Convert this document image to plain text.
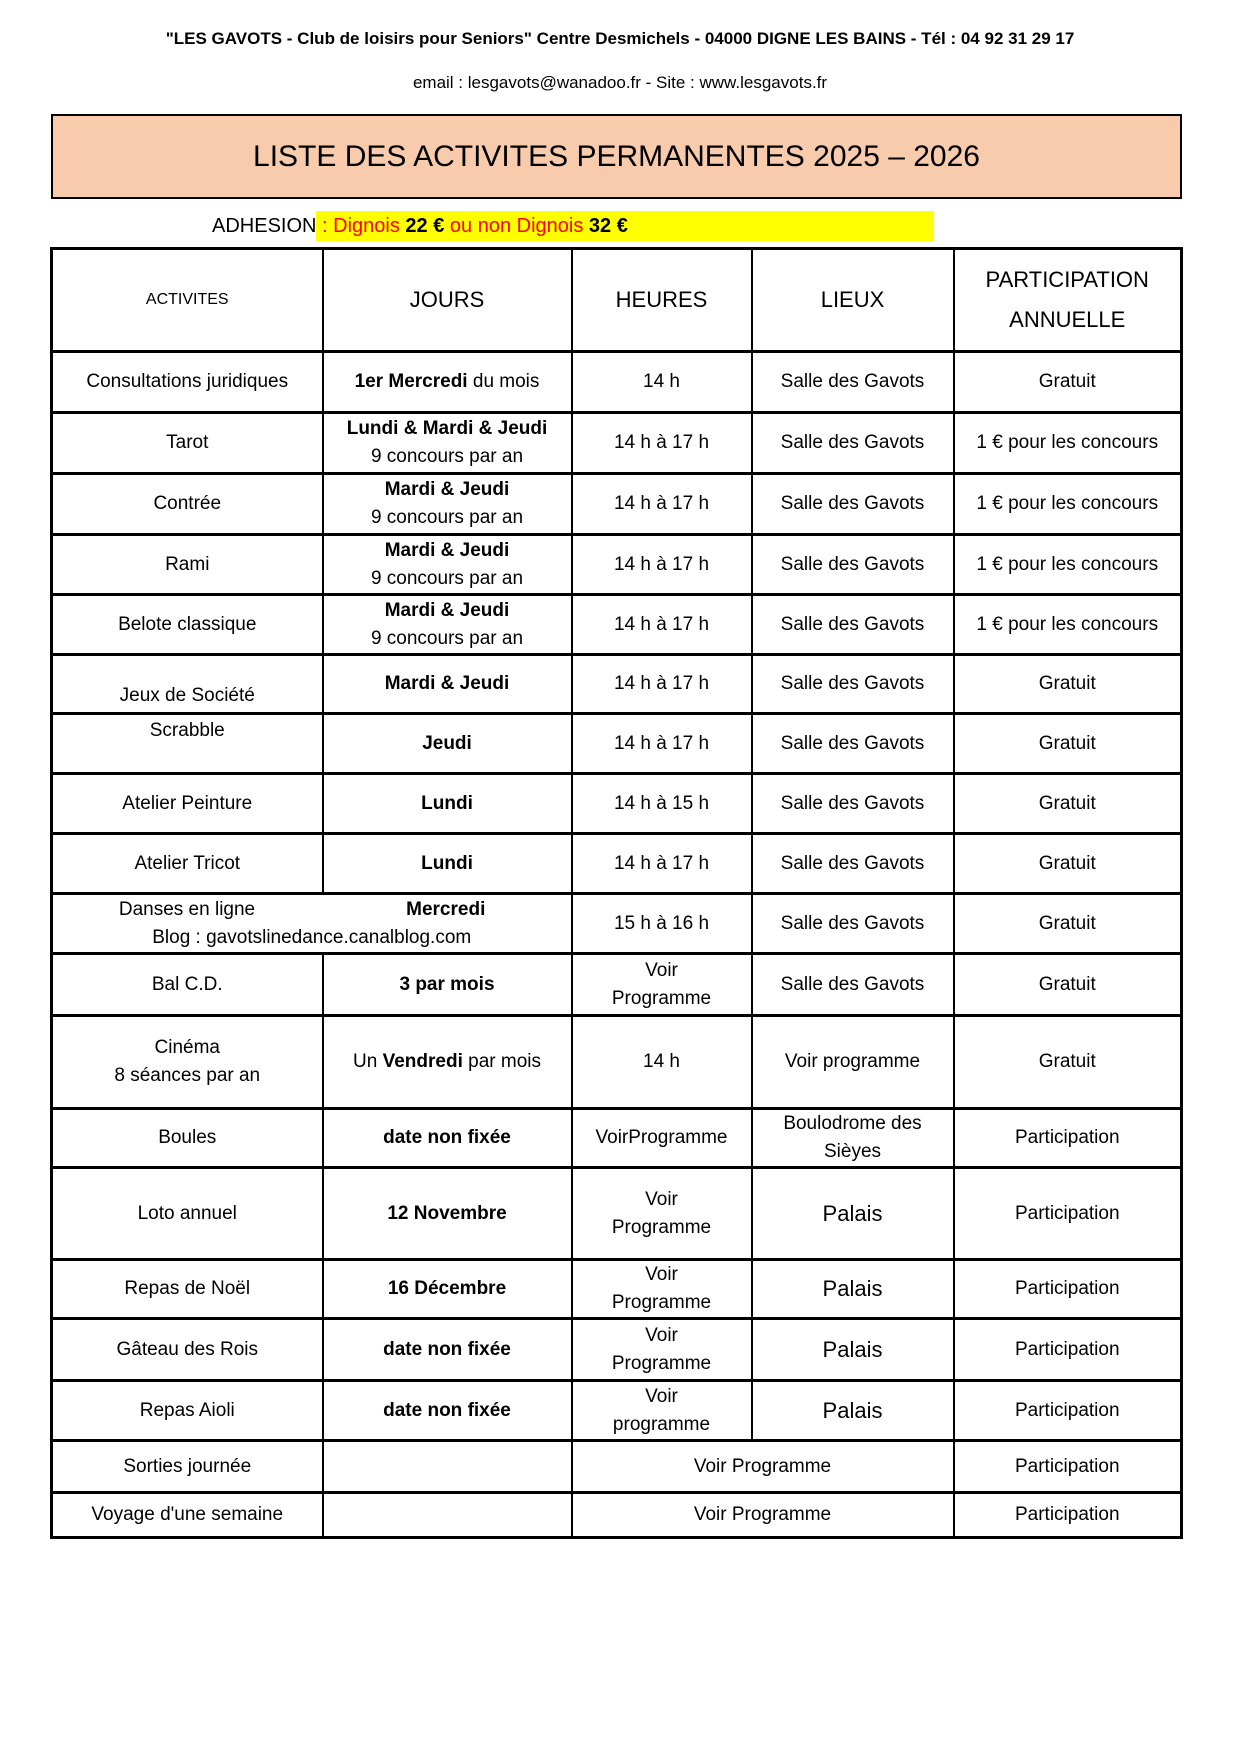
"LES GAVOTS - Club de loisirs pour Seniors" Centre Desmichels - 04000 DIGNE LES BAINS - Tél : 04 92 31 29 17
email : lesgavots@wanadoo.fr - Site : www.lesgavots.fr
LISTE DES ACTIVITES PERMANENTES 2025 – 2026
ADHESION : Dignois 22 € ou non Dignois 32 €
ACTIVITES	JOURS	HEURES	LIEUX	PARTICIPATION
ANNUELLE

Consultations juridiques	1er Mercredi du mois	14 h	Salle des Gavots	Gratuit

Tarot	Lundi & Mardi & Jeudi
9 concours par an	14 h à 17 h	Salle des Gavots	1 € pour les concours

Contrée	Mardi & Jeudi
9 concours par an	14 h à 17 h	Salle des Gavots	1 € pour les concours

Rami	Mardi & Jeudi
9 concours par an	14 h à 17 h	Salle des Gavots	1 € pour les concours

Belote classique	Mardi & Jeudi
9 concours par an	14 h à 17 h	Salle des Gavots	1 € pour les concours

Jeux de Société	Mardi & Jeudi	14 h à 17 h	Salle des Gavots	Gratuit

Scrabble	Jeudi	14 h à 17 h	Salle des Gavots	Gratuit

Atelier Peinture	Lundi	14 h à 15 h	Salle des Gavots	Gratuit

Atelier Tricot	Lundi	14 h à 17 h	Salle des Gavots	Gratuit

Danses en ligne Mercredi
Blog : gavotslinedance.canalblog.com		15 h à 16 h	Salle des Gavots	Gratuit

Bal C.D.	3 par mois	Voir
Programme	Salle des Gavots	Gratuit

Cinéma
8 séances par an	Un Vendredi par mois	14 h	Voir programme	Gratuit

Boules	date non fixée	VoirProgramme	Boulodrome des
Sièyes	Participation

Loto annuel	12 Novembre	Voir
Programme	Palais	Participation

Repas de Noël	16 Décembre	Voir
Programme	Palais	Participation

Gâteau des Rois	date non fixée	Voir
Programme	Palais	Participation

Repas Aioli	date non fixée	Voir
programme	Palais	Participation

Sorties journée		Voir Programme		Participation

Voyage d'une semaine		Voir Programme		Participation
